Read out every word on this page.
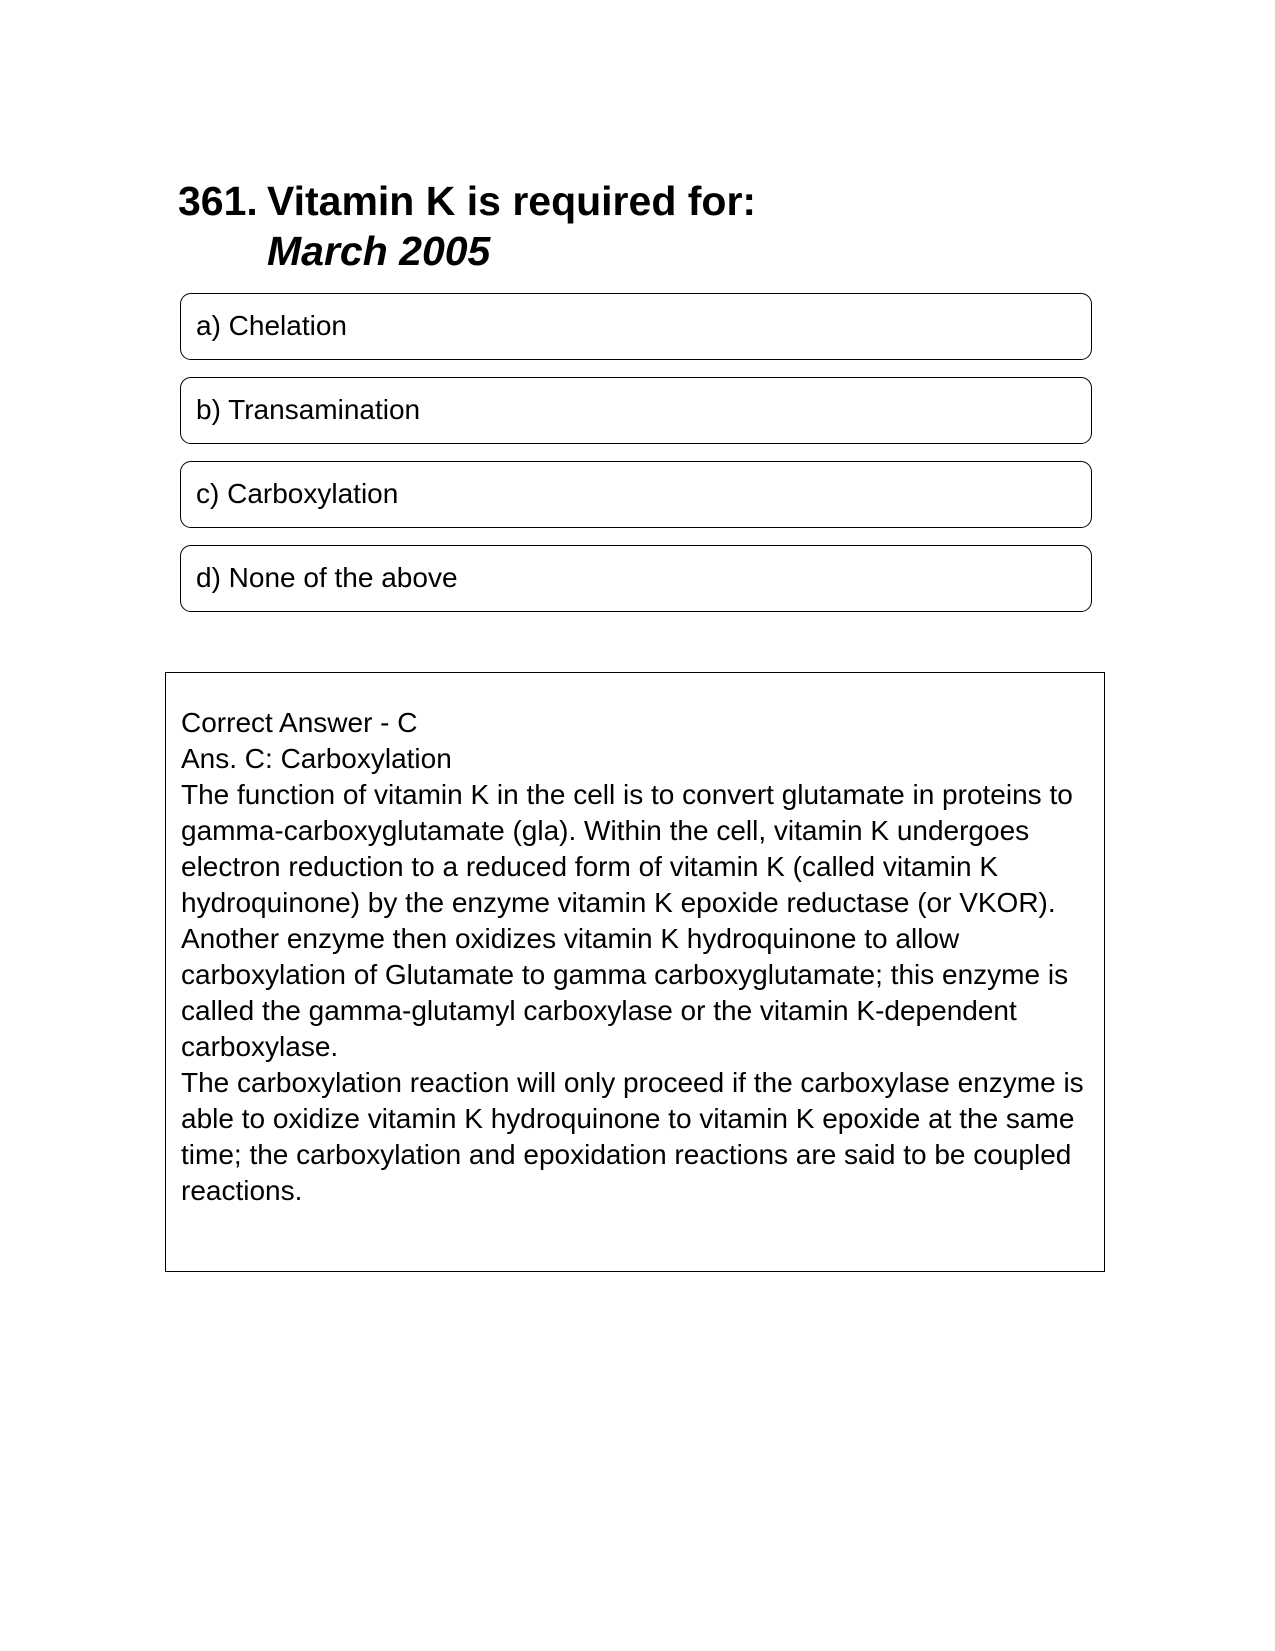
361. Vitamin K is required for:
March 2005
a) Chelation
b) Transamination
c) Carboxylation
d) None of the above

Correct Answer - C

Ans. C: Carboxylation

The function of vitamin K in the cell is to convert glutamate in proteins to gamma-carboxyglutamate (gla). Within the cell, vitamin K undergoes electron reduction to a reduced form of vitamin K (called vitamin K hydroquinone) by the enzyme vitamin K epoxide reductase (or VKOR).

Another enzyme then oxidizes vitamin K hydroquinone to allow carboxylation of Glutamate to gamma carboxyglutamate; this enzyme is called the gamma-glutamyl carboxylase or the vitamin K-dependent carboxylase.

The carboxylation reaction will only proceed if the carboxylase enzyme is able to oxidize vitamin K hydroquinone to vitamin K epoxide at the same time; the carboxylation and epoxidation reactions are said to be coupled reactions.
